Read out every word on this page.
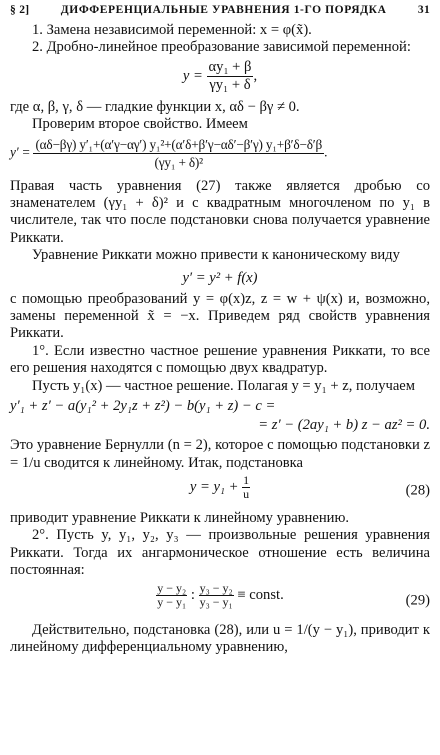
§ 2]	ДИФФЕРЕНЦИАЛЬНЫЕ УРАВНЕНИЯ 1-ГО ПОРЯДКА	31

1. Замена независимой переменной: x = φ(x̃).

2. Дробно-линейное преобразование зависимой переменной:

$y = \frac{\text{αy₁ + β}}{\text{γy₁ + δ}}$ ,

где α, β, γ, δ — гладкие функции x, αδ − βγ ≠ 0.

Проверим второе свойство. Имеем

$y' = \frac{\text{(αδ−βγ) y′₁+(α′γ−αγ′) y₁²+(α′δ+β′γ−αδ′−β′γ) y₁+β′δ−δ′β}}{\text{(γy₁ + δ)²}}$ .

Правая часть уравнения (27) также является дробью со знаменателем (γy₁ + δ)² и с квадратным многочленом по y₁ в числителе, так что после подстановки снова получается уравнение Риккати.

Уравнение Риккати можно привести к каноническому виду

y′ = y² + f(x)

с помощью преобразований y = φ(x)z, z = w + ψ(x) и, возможно, замены переменной x̃ = −x. Приведем ряд свойств уравнения Риккати.

1°. Если известно частное решение уравнения Риккати, то все его решения находятся с помощью двух квадратур.

Пусть y₁(x) — частное решение. Полагая y = y₁ + z, получаем

y′₁ + z′ − a(y₁² + 2y₁z + z²) − b(y₁ + z) − c =
= z′ − (2ay₁ + b) z − az² = 0.

Это уравнение Бернулли (n = 2), которое с помощью подстановки z = 1/u сводится к линейному. Итак, подстановка

$y = y_1 + \frac{1}{u}$	(28)

приводит уравнение Риккати к линейному уравнению.

2°. Пусть y, y₁, y₂, y₃ — произвольные решения уравнения Риккати. Тогда их ангармоническое отношение есть величина постоянная:

$\frac{\text{y − y₂}}{\text{y − y₁}}$ : $\frac{\text{y₃ − y₂}}{\text{y₃ − y₁}}$ ≡ const.	(29)

Действительно, подстановка (28), или u = 1/(y − y₁), приводит к линейному дифференциальному уравнению,
